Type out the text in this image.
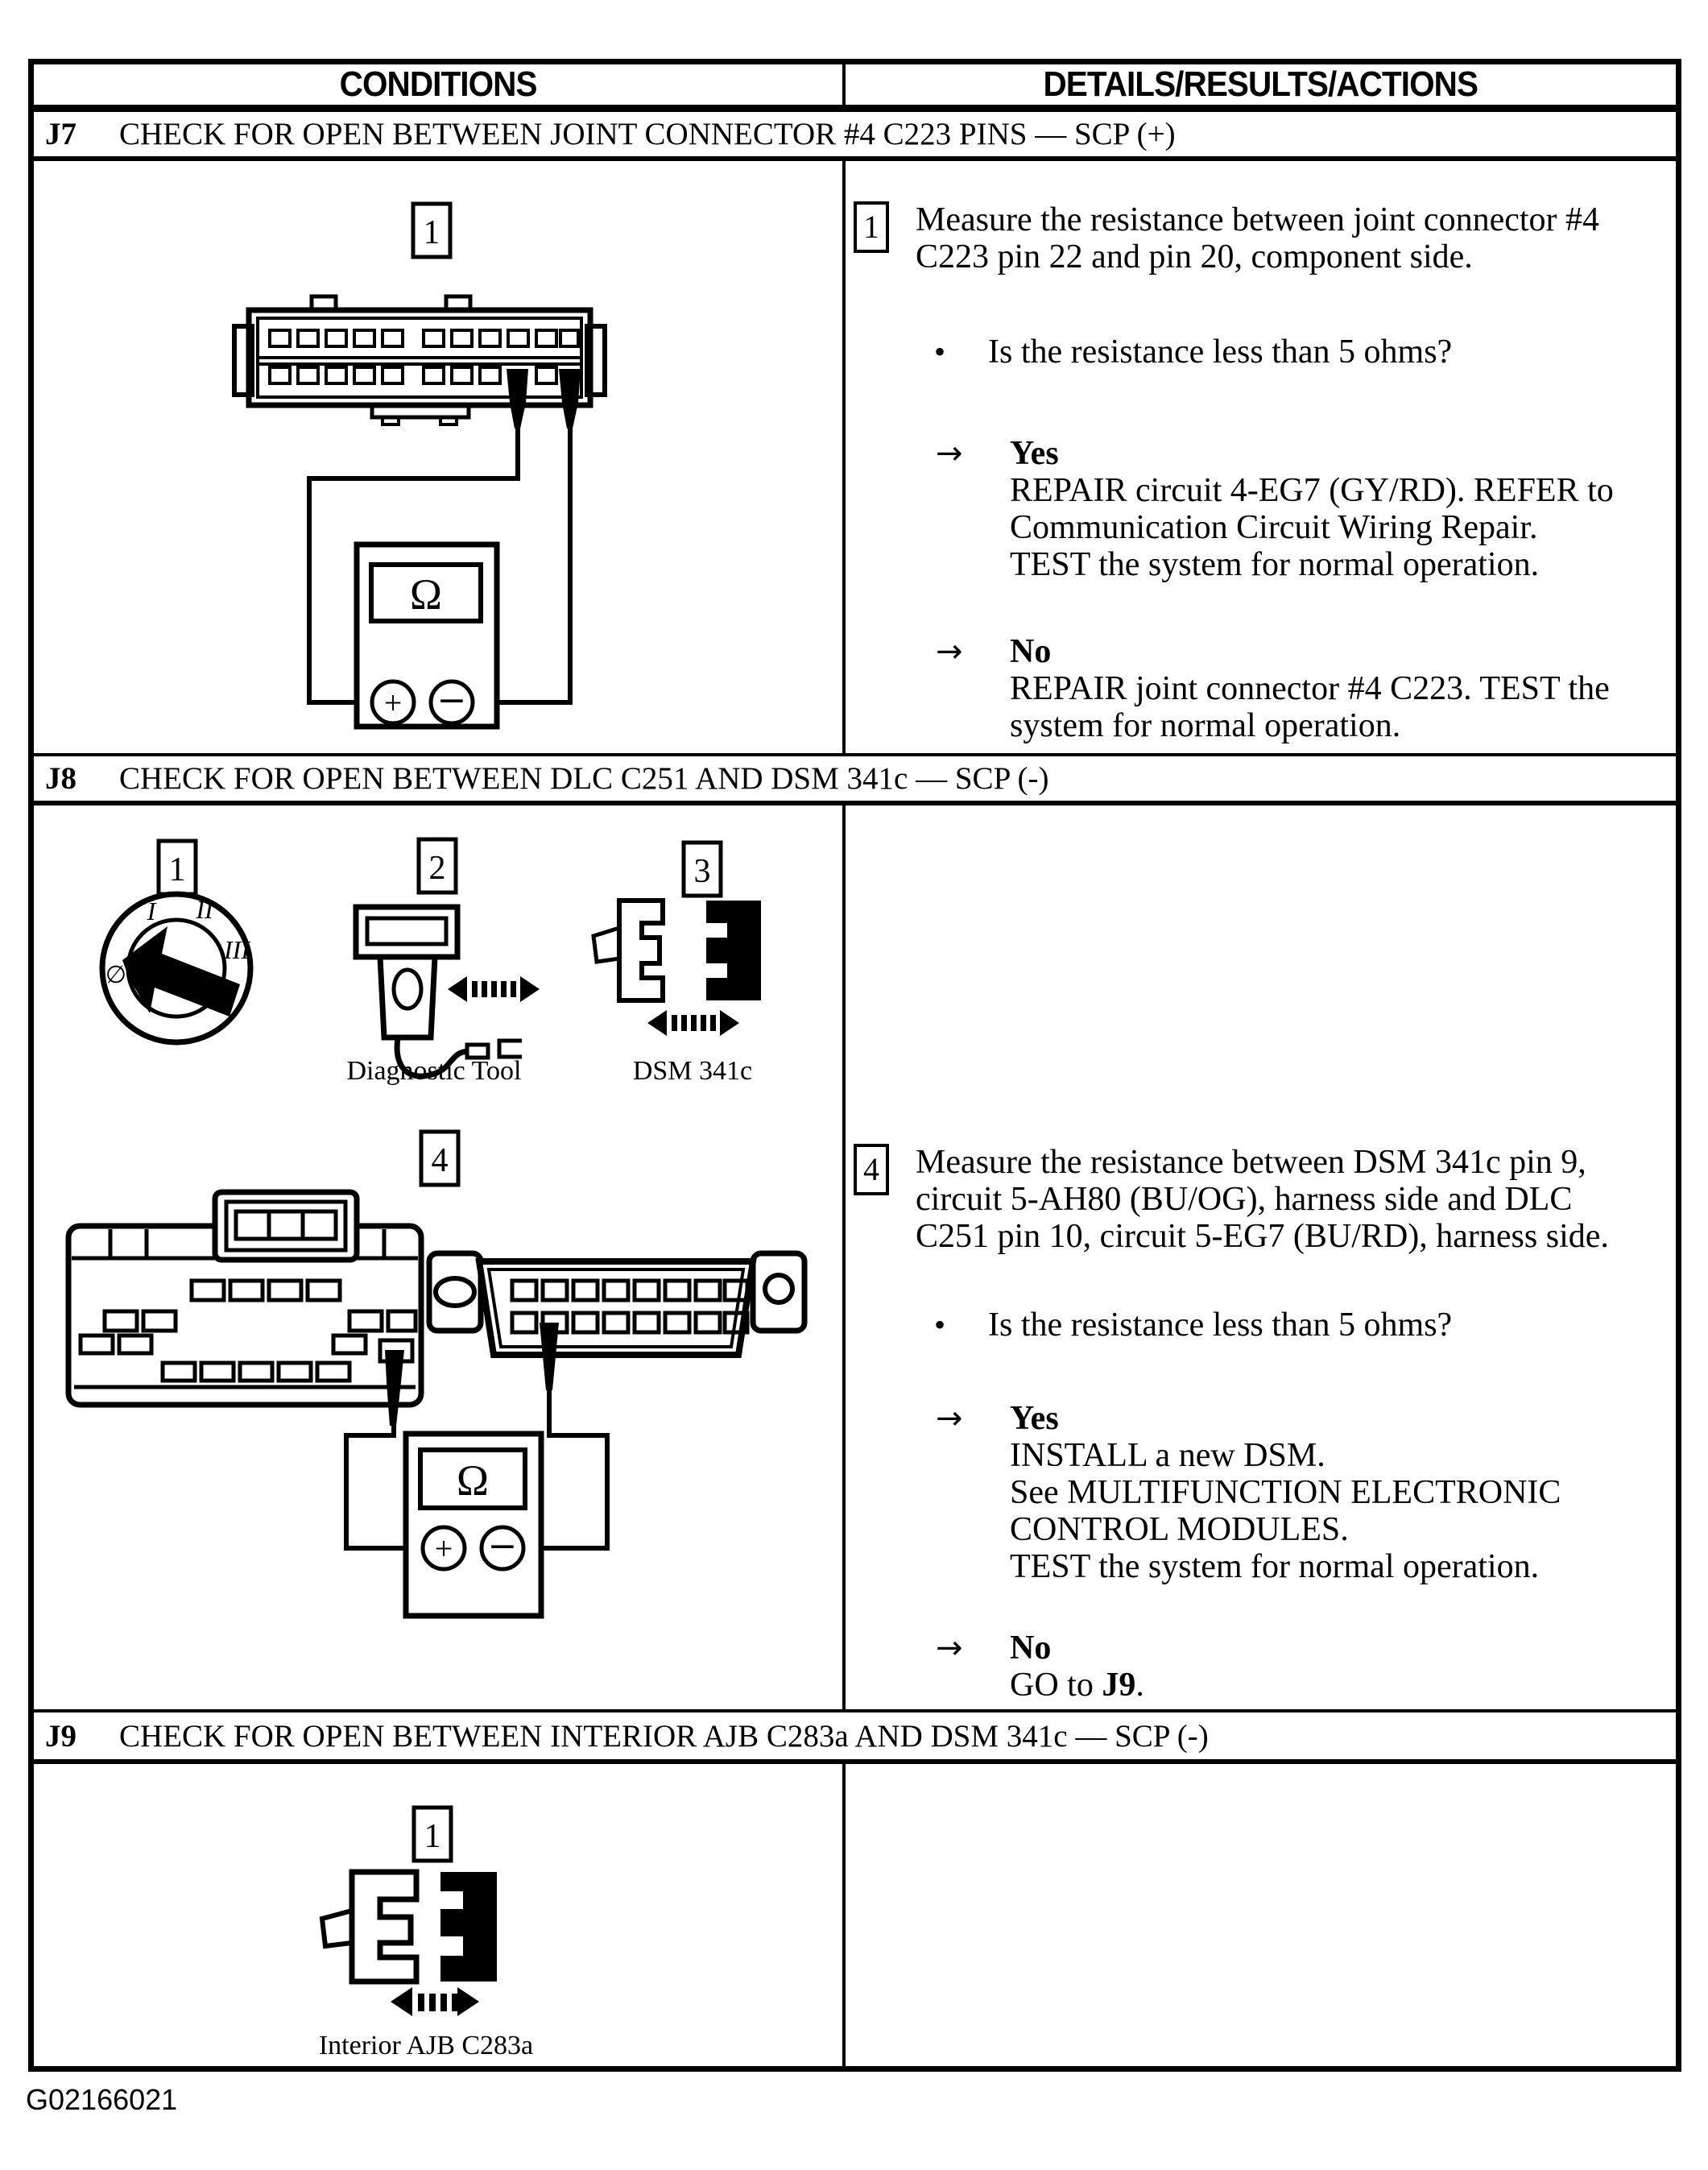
CONDITIONS	DETAILS/RESULTS/ACTIONS
J7	CHECK FOR OPEN BETWEEN JOINT CONNECTOR #4 C223 PINS — SCP (+)
1
Ω
+ −
1 Measure the resistance between joint connector #4
C223 pin 22 and pin 20, component side.
• Is the resistance less than 5 ohms?
→ Yes
REPAIR circuit 4-EG7 (GY/RD). REFER to
Communication Circuit Wiring Repair.
TEST the system for normal operation.
→ No
REPAIR joint connector #4 C223. TEST the
system for normal operation.
J8	CHECK FOR OPEN BETWEEN DLC C251 AND DSM 341c — SCP (-)
1
∅
I II
III
2	3
Diagnostic Tool	DSM 341c
4
Ω
+ −
4 Measure the resistance between DSM 341c pin 9,
circuit 5-AH80 (BU/OG), harness side and DLC
C251 pin 10, circuit 5-EG7 (BU/RD), harness side.
• Is the resistance less than 5 ohms?
→ Yes
INSTALL a new DSM.
See MULTIFUNCTION ELECTRONIC
CONTROL MODULES.
TEST the system for normal operation.
→ No
GO to J9.
J9	CHECK FOR OPEN BETWEEN INTERIOR AJB C283a AND DSM 341c — SCP (-)
1
Interior AJB C283a
G02166021
